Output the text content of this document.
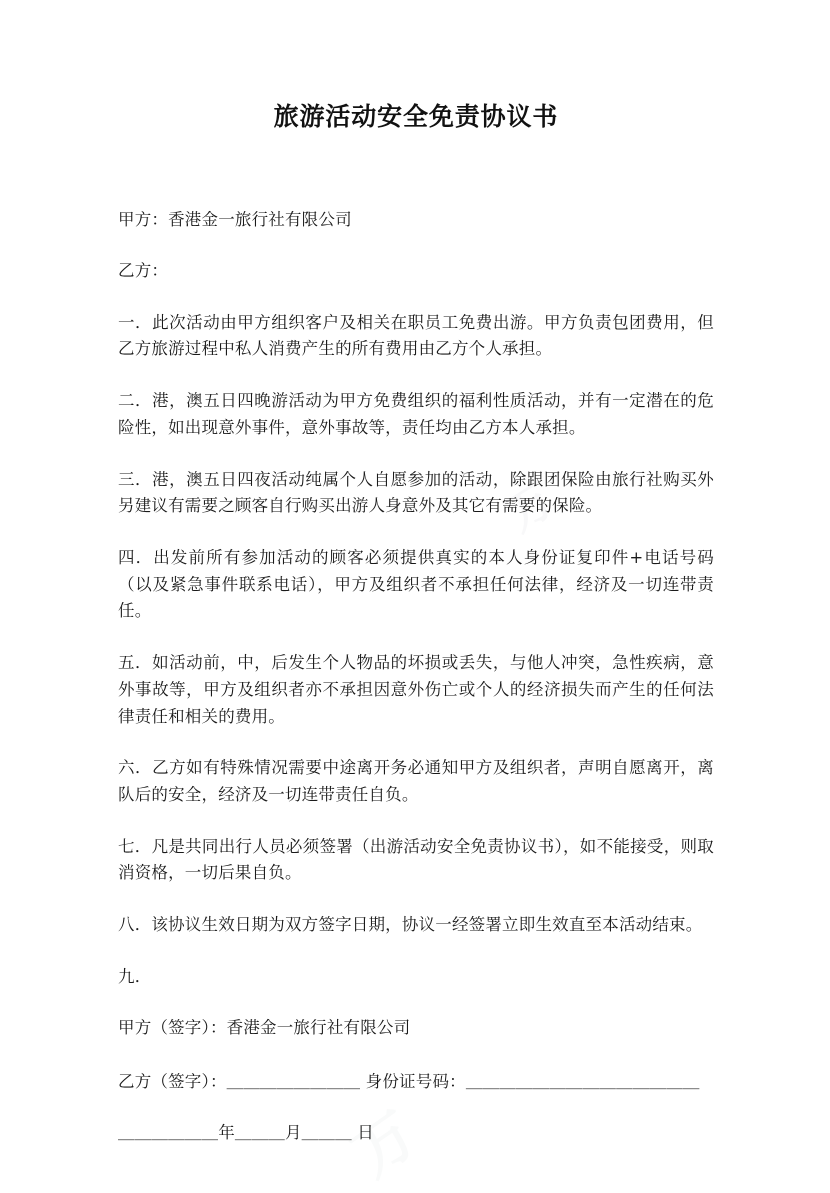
万
旅游活动安全免责协议书

甲方：香港金一旅行社有限公司

乙方：

一．此次活动由甲方组织客户及相关在职员工免费出游。甲方负责包团费用，但乙方旅游过程中私人消费产生的所有费用由乙方个人承担。

二．港，澳五日四晚游活动为甲方免费组织的福利性质活动，并有一定潜在的危险性，如出现意外事件，意外事故等，责任均由乙方本人承担。

三．港，澳五日四夜活动纯属个人自愿参加的活动，除跟团保险由旅行社购买外另建议有需要之顾客自行购买出游人身意外及其它有需要的保险。

四．出发前所有参加活动的顾客必须提供真实的本人身份证复印件+电话号码（以及紧急事件联系电话），甲方及组织者不承担任何法律，经济及一切连带责任。

五．如活动前，中，后发生个人物品的坏损或丢失，与他人冲突，急性疾病，意外事故等，甲方及组织者亦不承担因意外伤亡或个人的经济损失而产生的任何法律责任和相关的费用。

六．乙方如有特殊情况需要中途离开务必通知甲方及组织者，声明自愿离开，离队后的安全，经济及一切连带责任自负。

七．凡是共同出行人员必须签署（出游活动安全免责协议书），如不能接受，则取消资格，一切后果自负。

八．该协议生效日期为双方签字日期，协议一经签署立即生效直至本活动结束。

九．

甲方（签字）：香港金一旅行社有限公司

乙方（签字）：＿＿＿＿＿＿＿＿ 身份证号码：＿＿＿＿＿＿＿＿＿＿＿＿＿＿

＿＿＿＿＿＿年＿＿＿月＿＿＿ 日
